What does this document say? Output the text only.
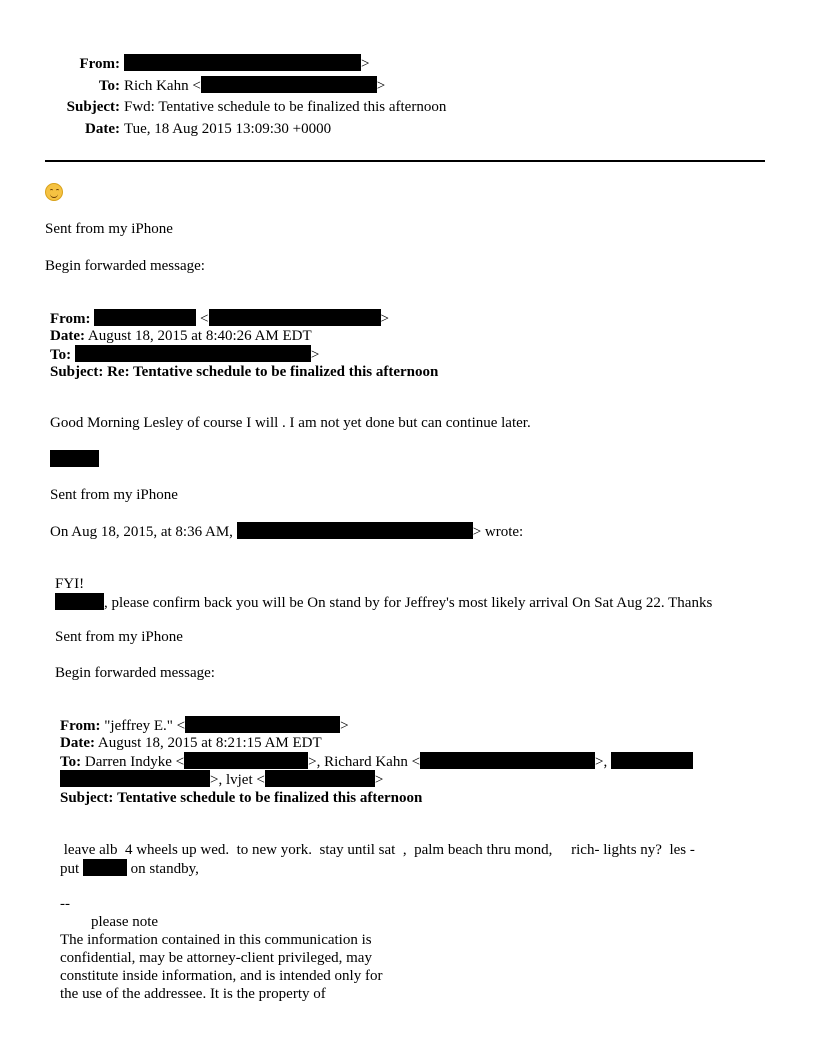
From:	>
To: Rich Kahn <	>
Subject: Fwd: Tentative schedule to be finalized this afternoon
Date: Tue, 18 Aug 2015 13:09:30 +0000
Sent from my iPhone
Begin forwarded message:
From:	<	>
Date: August 18, 2015 at 8:40:26 AM EDT
To:	>
Subject: Re: Tentative schedule to be finalized this afternoon
Good Morning Lesley of course I will . I am not yet done but can continue later.
Sent from my iPhone
On Aug 18, 2015, at 8:36 AM,	> wrote:
FYI!
, please confirm back you will be On stand by for Jeffrey's most likely arrival On Sat Aug 22. Thanks
Sent from my iPhone
Begin forwarded message:
From: "jeffrey E." <	>
Date: August 18, 2015 at 8:21:15 AM EDT
To: Darren Indyke <	>, Richard Kahn <	>,
>, lvjet <	>
Subject: Tentative schedule to be finalized this afternoon
leave alb  4 wheels up wed.  to new york.  stay until sat  ,  palm beach thru mond,     rich- lights ny?  les -
put	on standby,
--
please note
The information contained in this communication is
confidential, may be attorney-client privileged, may
constitute inside information, and is intended only for
the use of the addressee. It is the property of
